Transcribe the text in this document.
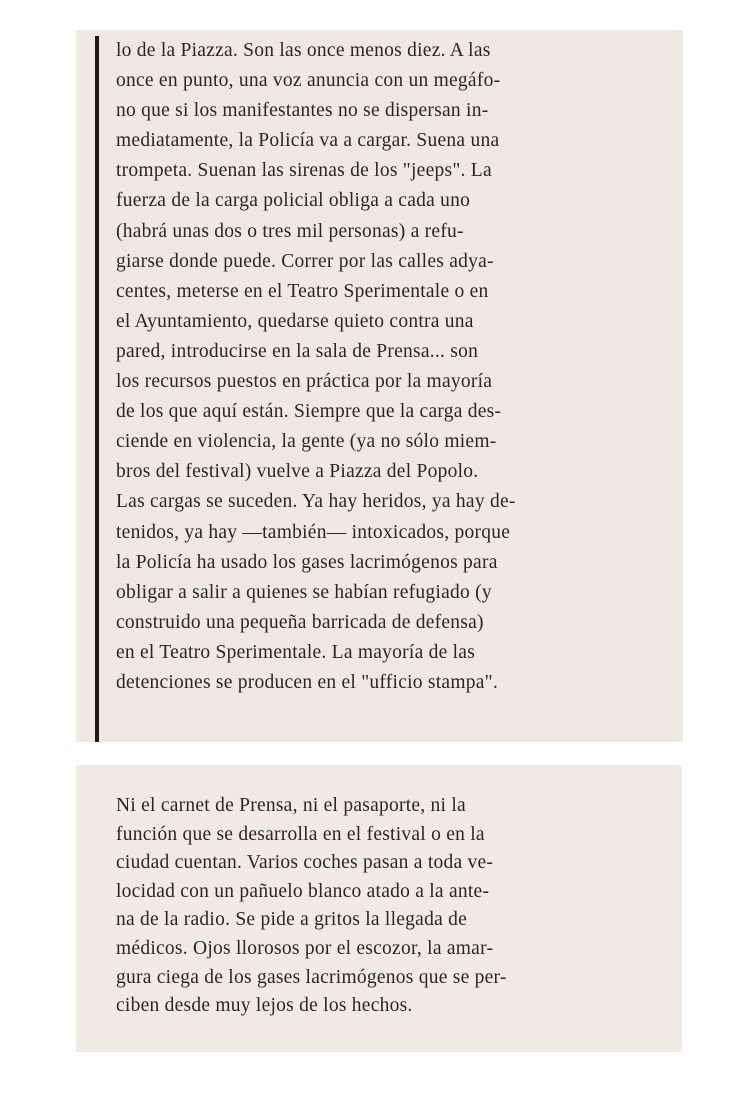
lo de la Piazza. Son las once menos diez. A las
once en punto, una voz anuncia con un megáfo-
no que si los manifestantes no se dispersan in-
mediatamente, la Policía va a cargar. Suena una
trompeta. Suenan las sirenas de los "jeeps". La
fuerza de la carga policial obliga a cada uno
(habrá unas dos o tres mil personas) a refu-
giarse donde puede. Correr por las calles adya-
centes, meterse en el Teatro Sperimentale o en
el Ayuntamiento, quedarse quieto contra una
pared, introducirse en la sala de Prensa... son
los recursos puestos en práctica por la mayoría
de los que aquí están. Siempre que la carga des-
ciende en violencia, la gente (ya no sólo miem-
bros del festival) vuelve a Piazza del Popolo.
Las cargas se suceden. Ya hay heridos, ya hay de-
tenidos, ya hay —también— intoxicados, porque
la Policía ha usado los gases lacrimógenos para
obligar a salir a quienes se habían refugiado (y
construido una pequeña barricada de defensa)
en el Teatro Sperimentale. La mayoría de las
detenciones se producen en el "ufficio stampa".
Ni el carnet de Prensa, ni el pasaporte, ni la
función que se desarrolla en el festival o en la
ciudad cuentan. Varios coches pasan a toda ve-
locidad con un pañuelo blanco atado a la ante-
na de la radio. Se pide a gritos la llegada de
médicos. Ojos llorosos por el escozor, la amar-
gura ciega de los gases lacrimógenos que se per-
ciben desde muy lejos de los hechos.
